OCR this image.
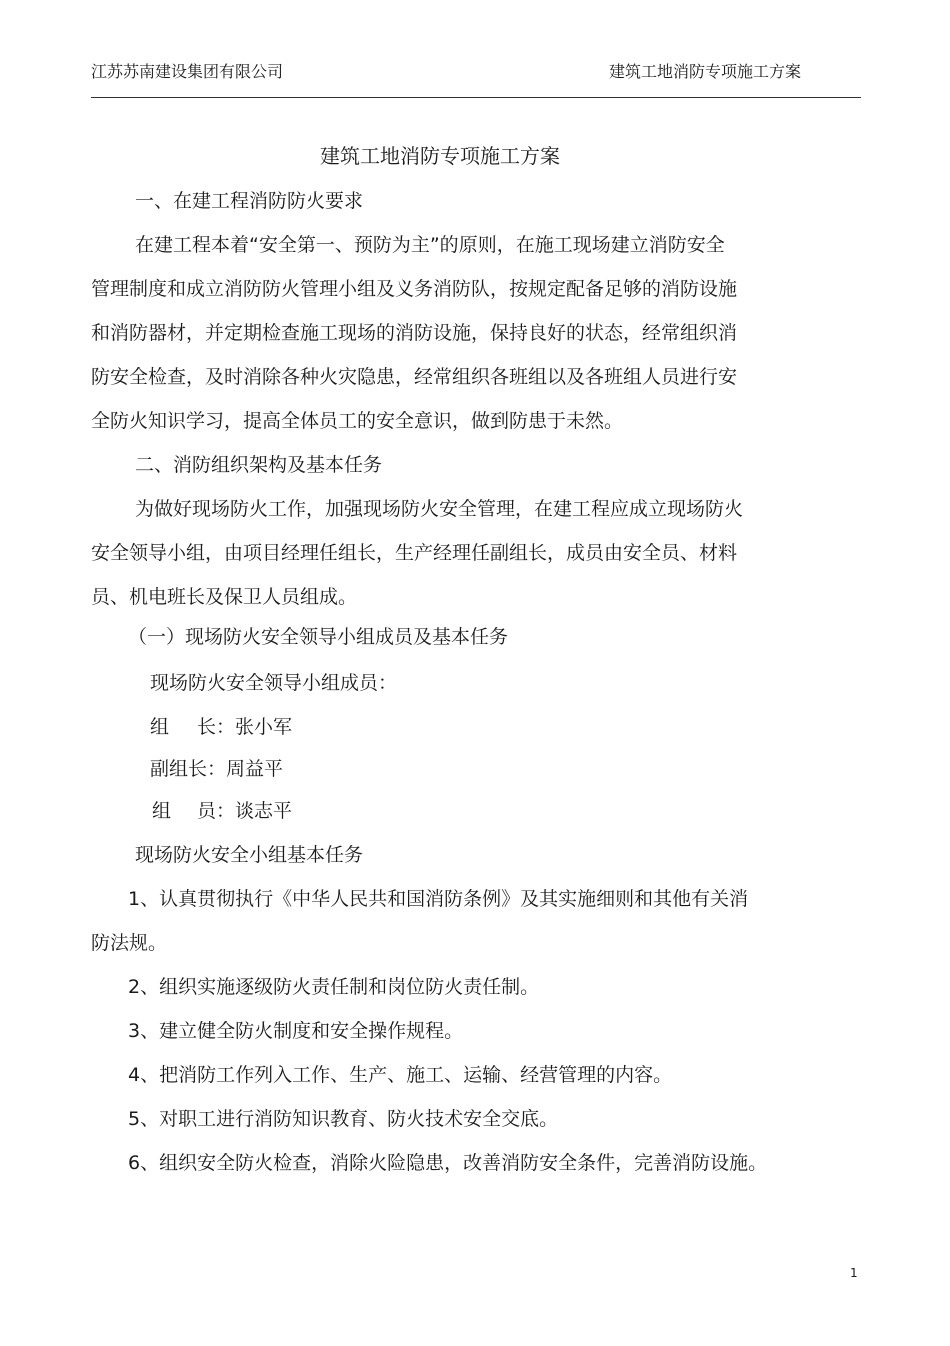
江苏苏南建设集团有限公司	建筑工地消防专项施工方案
建筑工地消防专项施工方案
一、在建工程消防防火要求
在建工程本着“安全第一、预防为主”的原则，在施工现场建立消防安全
管理制度和成立消防防火管理小组及义务消防队，按规定配备足够的消防设施
和消防器材，并定期检查施工现场的消防设施，保持良好的状态，经常组织消
防安全检查，及时消除各种火灾隐患，经常组织各班组以及各班组人员进行安
全防火知识学习，提高全体员工的安全意识，做到防患于未然。
二、消防组织架构及基本任务
为做好现场防火工作，加强现场防火安全管理，在建工程应成立现场防火
安全领导小组，由项目经理任组长，生产经理任副组长，成员由安全员、材料
员、机电班长及保卫人员组成。
（一）现场防火安全领导小组成员及基本任务
现场防火安全领导小组成员：
组 长：张小军
副组长：周益平
组 员：谈志平
现场防火安全小组基本任务
1、认真贯彻执行《中华人民共和国消防条例》及其实施细则和其他有关消
防法规。
2、组织实施逐级防火责任制和岗位防火责任制。
3、建立健全防火制度和安全操作规程。
4、把消防工作列入工作、生产、施工、运输、经营管理的内容。
5、对职工进行消防知识教育、防火技术安全交底。
6、组织安全防火检查，消除火险隐患，改善消防安全条件，完善消防设施。
1
